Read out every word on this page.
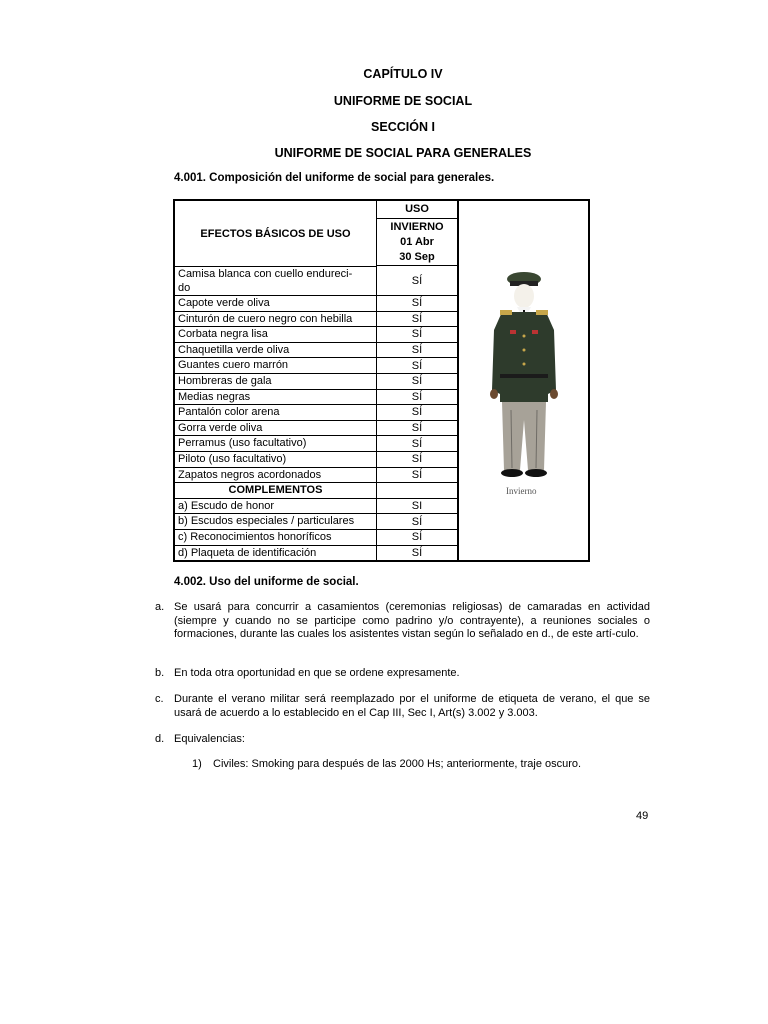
CAPÍTULO IV
UNIFORME DE SOCIAL
SECCIÓN I
UNIFORME DE SOCIAL PARA GENERALES
4.001. Composición del uniforme de social para generales.
EFECTOS BÁSICOS DE USO
Camisa blanca con cuello endureci-
do
Capote verde oliva
Cinturón de cuero negro con hebilla
Corbata negra lisa
Chaquetilla verde oliva
Guantes cuero marrón
Hombreras de gala
Medias negras
Pantalón color arena
Gorra verde oliva
Perramus (uso facultativo)
Piloto (uso facultativo)
Zapatos negros acordonados
COMPLEMENTOS
a) Escudo de honor
b) Escudos especiales / particulares
c) Reconocimientos honoríficos
d) Plaqueta de identificación
USO
INVIERNO
01 Abr
30 Sep
SÍ
SÍ
SÍ
SÍ
SÍ
SÍ
SÍ
SÍ
SÍ
SÍ
SÍ
SÍ
SÍ
SI
SÍ
SÍ
SÍ
Invierno
4.002. Uso del uniforme de social.
a. Se usará para concurrir a casamientos (ceremonias religiosas) de camaradas en actividad (siempre y cuando no se participe como padrino y/o contrayente), a reuniones sociales o formaciones, durante las cuales los asistentes vistan según lo señalado en d., de este artí-culo.
b. En toda otra oportunidad en que se ordene expresamente.
c. Durante el verano militar será reemplazado por el uniforme de etiqueta de verano, el que se usará de acuerdo a lo establecido en el Cap III, Sec I, Art(s) 3.002 y 3.003.
d. Equivalencias:
1) Civiles: Smoking para después de las 2000 Hs; anteriormente, traje oscuro.
49
